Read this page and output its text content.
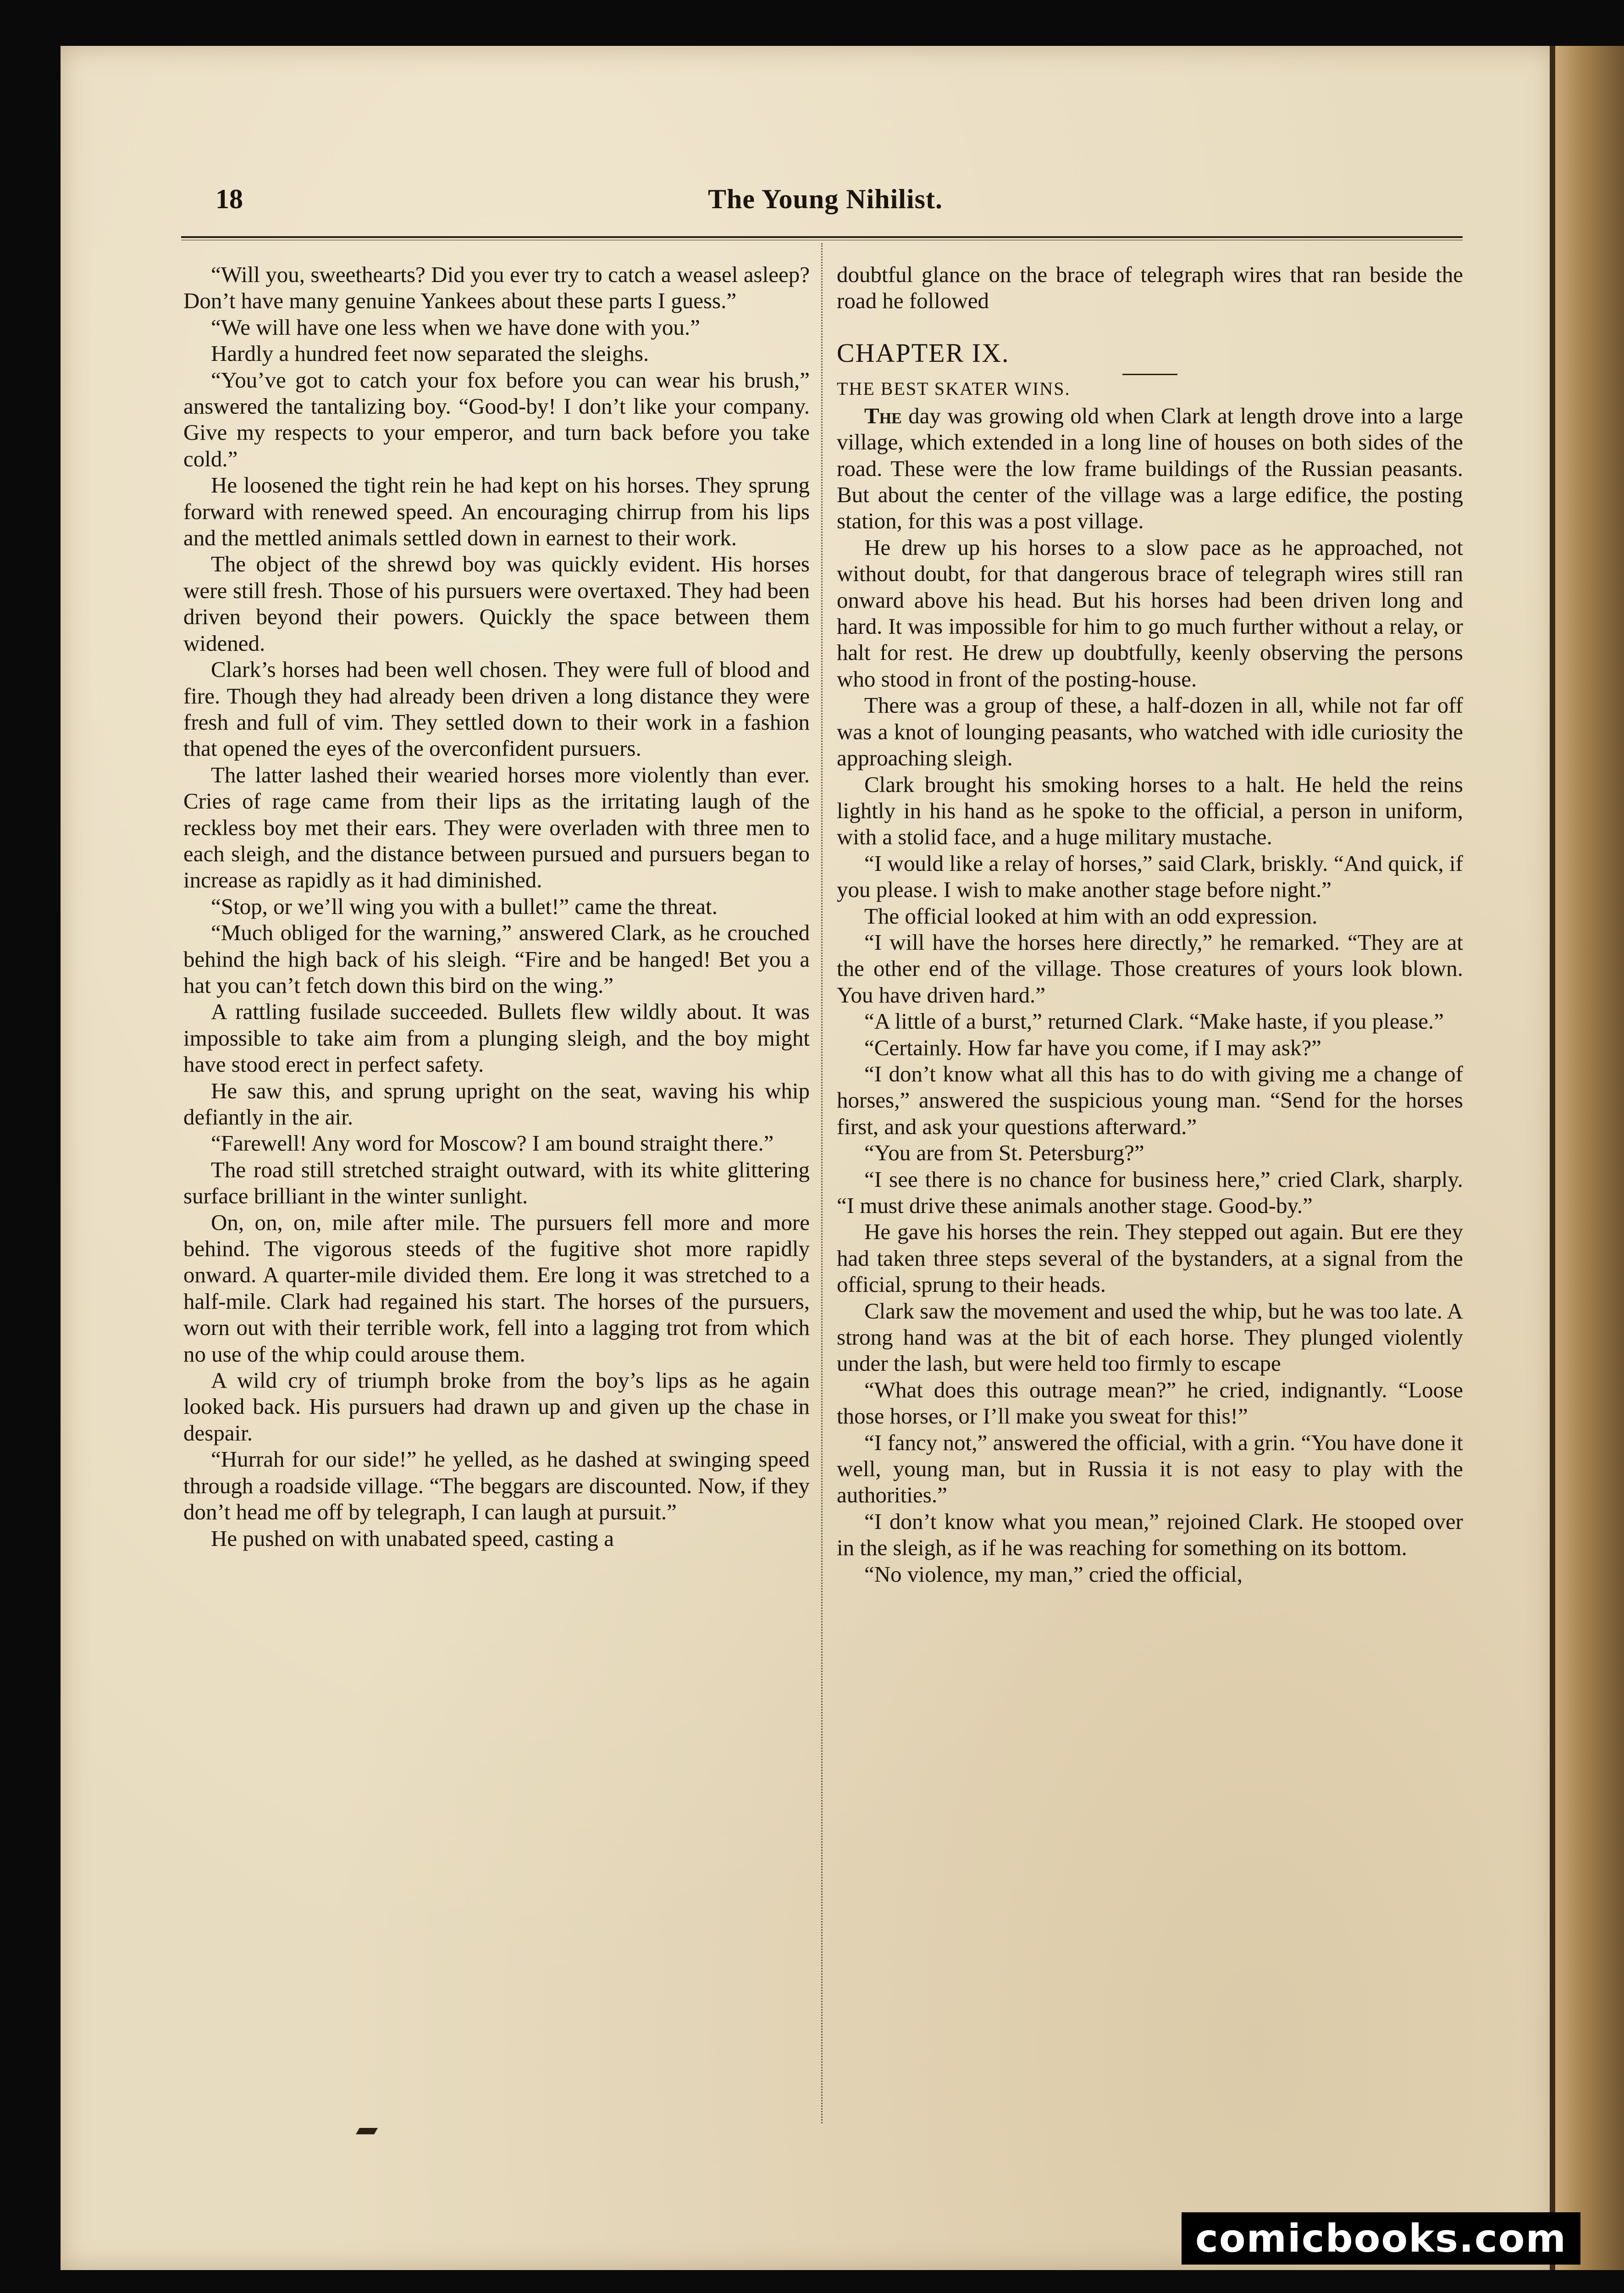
18	The Young Nihilist.

“Will you, sweethearts? Did you ever try to catch a weasel asleep? Don’t have many genuine Yankees about these parts I guess.”

“We will have one less when we have done with you.”

Hardly a hundred feet now separated the sleighs.

“You’ve got to catch your fox before you can wear his brush,” answered the tantalizing boy. “Good-by! I don’t like your company. Give my respects to your emperor, and turn back before you take cold.”

He loosened the tight rein he had kept on his horses. They sprung forward with renewed speed. An encouraging chirrup from his lips and the mettled animals settled down in earnest to their work.

The object of the shrewd boy was quickly evident. His horses were still fresh. Those of his pursuers were overtaxed. They had been driven beyond their powers. Quickly the space between them widened.

Clark’s horses had been well chosen. They were full of blood and fire. Though they had already been driven a long distance they were fresh and full of vim. They settled down to their work in a fashion that opened the eyes of the overconfident pursuers.

The latter lashed their wearied horses more violently than ever. Cries of rage came from their lips as the irritating laugh of the reckless boy met their ears. They were overladen with three men to each sleigh, and the distance between pursued and pursuers began to increase as rapidly as it had diminished.

“Stop, or we’ll wing you with a bullet!” came the threat.

“Much obliged for the warning,” answered Clark, as he crouched behind the high back of his sleigh. “Fire and be hanged! Bet you a hat you can’t fetch down this bird on the wing.”

A rattling fusilade succeeded. Bullets flew wildly about. It was impossible to take aim from a plunging sleigh, and the boy might have stood erect in perfect safety.

He saw this, and sprung upright on the seat, waving his whip defiantly in the air.

“Farewell! Any word for Moscow? I am bound straight there.”

The road still stretched straight outward, with its white glittering surface brilliant in the winter sunlight.

On, on, on, mile after mile. The pursuers fell more and more behind. The vigorous steeds of the fugitive shot more rapidly onward. A quarter-mile divided them. Ere long it was stretched to a half-mile. Clark had regained his start. The horses of the pursuers, worn out with their terrible work, fell into a lagging trot from which no use of the whip could arouse them.

A wild cry of triumph broke from the boy’s lips as he again looked back. His pursuers had drawn up and given up the chase in despair.

“Hurrah for our side!” he yelled, as he dashed at swinging speed through a roadside village. “The beggars are discounted. Now, if they don’t head me off by telegraph, I can laugh at pursuit.”

He pushed on with unabated speed, casting a

doubtful glance on the brace of telegraph wires that ran beside the road he followed

CHAPTER IX.

THE BEST SKATER WINS.

The day was growing old when Clark at length drove into a large village, which extended in a long line of houses on both sides of the road. These were the low frame buildings of the Russian peasants. But about the center of the village was a large edifice, the posting station, for this was a post village.

He drew up his horses to a slow pace as he approached, not without doubt, for that dangerous brace of telegraph wires still ran onward above his head. But his horses had been driven long and hard. It was impossible for him to go much further without a relay, or halt for rest. He drew up doubtfully, keenly observing the persons who stood in front of the posting-house.

There was a group of these, a half-dozen in all, while not far off was a knot of lounging peasants, who watched with idle curiosity the approaching sleigh.

Clark brought his smoking horses to a halt. He held the reins lightly in his hand as he spoke to the official, a person in uniform, with a stolid face, and a huge military mustache.

“I would like a relay of horses,” said Clark, briskly. “And quick, if you please. I wish to make another stage before night.”

The official looked at him with an odd expression.

“I will have the horses here directly,” he remarked. “They are at the other end of the village. Those creatures of yours look blown. You have driven hard.”

“A little of a burst,” returned Clark. “Make haste, if you please.”

“Certainly. How far have you come, if I may ask?”

“I don’t know what all this has to do with giving me a change of horses,” answered the suspicious young man. “Send for the horses first, and ask your questions afterward.”

“You are from St. Petersburg?”

“I see there is no chance for business here,” cried Clark, sharply. “I must drive these animals another stage. Good-by.”

He gave his horses the rein. They stepped out again. But ere they had taken three steps several of the bystanders, at a signal from the official, sprung to their heads.

Clark saw the movement and used the whip, but he was too late. A strong hand was at the bit of each horse. They plunged violently under the lash, but were held too firmly to escape

“What does this outrage mean?” he cried, indignantly. “Loose those horses, or I’ll make you sweat for this!”

“I fancy not,” answered the official, with a grin. “You have done it well, young man, but in Russia it is not easy to play with the authorities.”

“I don’t know what you mean,” rejoined Clark. He stooped over in the sleigh, as if he was reaching for something on its bottom.

“No violence, my man,” cried the official,

comicbooks.com
